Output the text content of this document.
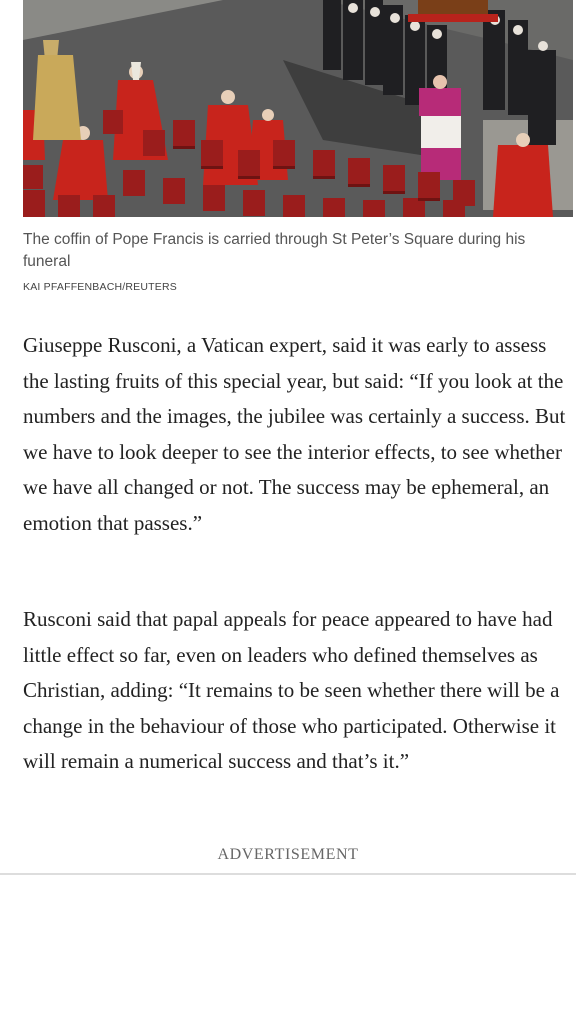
The coffin of Pope Francis is carried through St Peter’s Square during his funeral
KAI PFAFFENBACH/REUTERS

Giuseppe Rusconi, a Vatican expert, said it was early to assess the lasting fruits of this special year, but said: “If you look at the numbers and the images, the jubilee was certainly a success. But we have to look deeper to see the interior effects, to see whether we have all changed or not. The success may be ephemeral, an emotion that passes.”

Rusconi said that papal appeals for peace appeared to have had little effect so far, even on leaders who defined themselves as Christian, adding: “It remains to be seen whether there will be a change in the behaviour of those who participated. Otherwise it will remain a numerical success and that’s it.”

ADVERTISEMENT
